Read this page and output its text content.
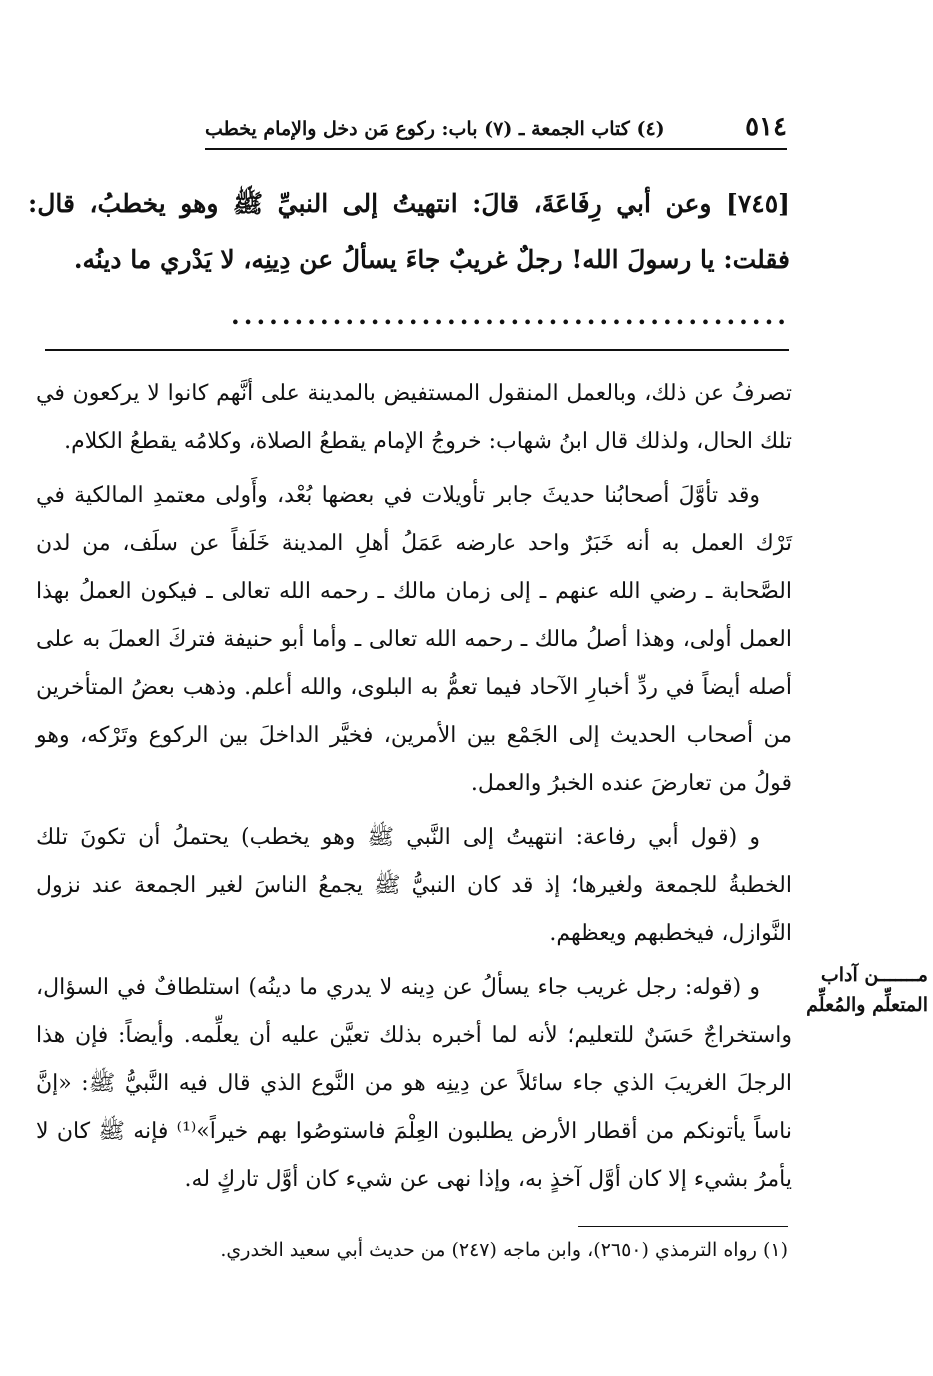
٥١٤
(٤) كتاب الجمعة ـ (٧) باب: ركوع مَن دخل والإمام يخطب
[٧٤٥] وعن أبي رِفَاعَةَ، قالَ: انتهيتُ إلى النبيِّ ﷺ وهو يخطبُ، قال: فقلت: يا رسولَ الله! رجلٌ غريبٌ جاءَ يسألُ عن دِينِه، لا يَدْري ما دينُه.
............................................

تصرفُ عن ذلك، وبالعمل المنقول المستفيض بالمدينة على أنَّهم كانوا لا يركعون في تلك الحال، ولذلك قال ابنُ شهاب: خروجُ الإمام يقطعُ الصلاة، وكلامُه يقطعُ الكلام.

وقد تأوَّلَ أصحابُنا حديثَ جابر تأويلات في بعضها بُعْد، وأَولى معتمدِ المالكية في تَرْك العمل به أنه خَبَرٌ واحد عارضه عَمَلُ أهلِ المدينة خَلَفاً عن سلَف، من لدن الصَّحابة ـ رضي الله عنهم ـ إلى زمان مالك ـ رحمه الله تعالى ـ فيكون العملُ بهذا العمل أولى، وهذا أصلُ مالك ـ رحمه الله تعالى ـ وأما أبو حنيفة فتركَ العملَ به على أصله أيضاً في ردِّ أخبارِ الآحاد فيما تعمُّ به البلوى، والله أعلم. وذهب بعضُ المتأخرين من أصحاب الحديث إلى الجَمْع بين الأمرين، فخيَّر الداخلَ بين الركوع وتَرْكه، وهو قولُ من تعارضَ عنده الخبرُ والعمل.

و (قول أبي رفاعة: انتهيتُ إلى النَّبي ﷺ وهو يخطب) يحتملُ أن تكونَ تلك الخطبةُ للجمعة ولغيرها؛ إذ قد كان النبيُّ ﷺ يجمعُ الناسَ لغير الجمعة عند نزول النَّوازل، فيخطبهم ويعظهم.

و (قوله: رجل غريب جاء يسألُ عن دِينه لا يدري ما دينُه) استلطافٌ في السؤال، واستخراجٌ حَسَنٌ للتعليم؛ لأنه لما أخبره بذلك تعيَّن عليه أن يعلِّمه. وأيضاً: فإن هذا الرجلَ الغريبَ الذي جاء سائلاً عن دِينِه هو من النَّوع الذي قال فيه النَّبيُّ ﷺ: «إنَّ ناساً يأتونكم من أقطار الأرض يطلبون العِلْمَ فاستوصُوا بهم خيراً»⁽¹⁾ فإنه ﷺ كان لا يأمرُ بشيء إلا كان أوَّل آخذٍ به، وإذا نهى عن شيء كان أوَّل تاركٍ له.

مـــــــن آداب المتعلِّم والمُعلِّم
(١) رواه الترمذي (٢٦٥٠)، وابن ماجه (٢٤٧) من حديث أبي سعيد الخدري.
